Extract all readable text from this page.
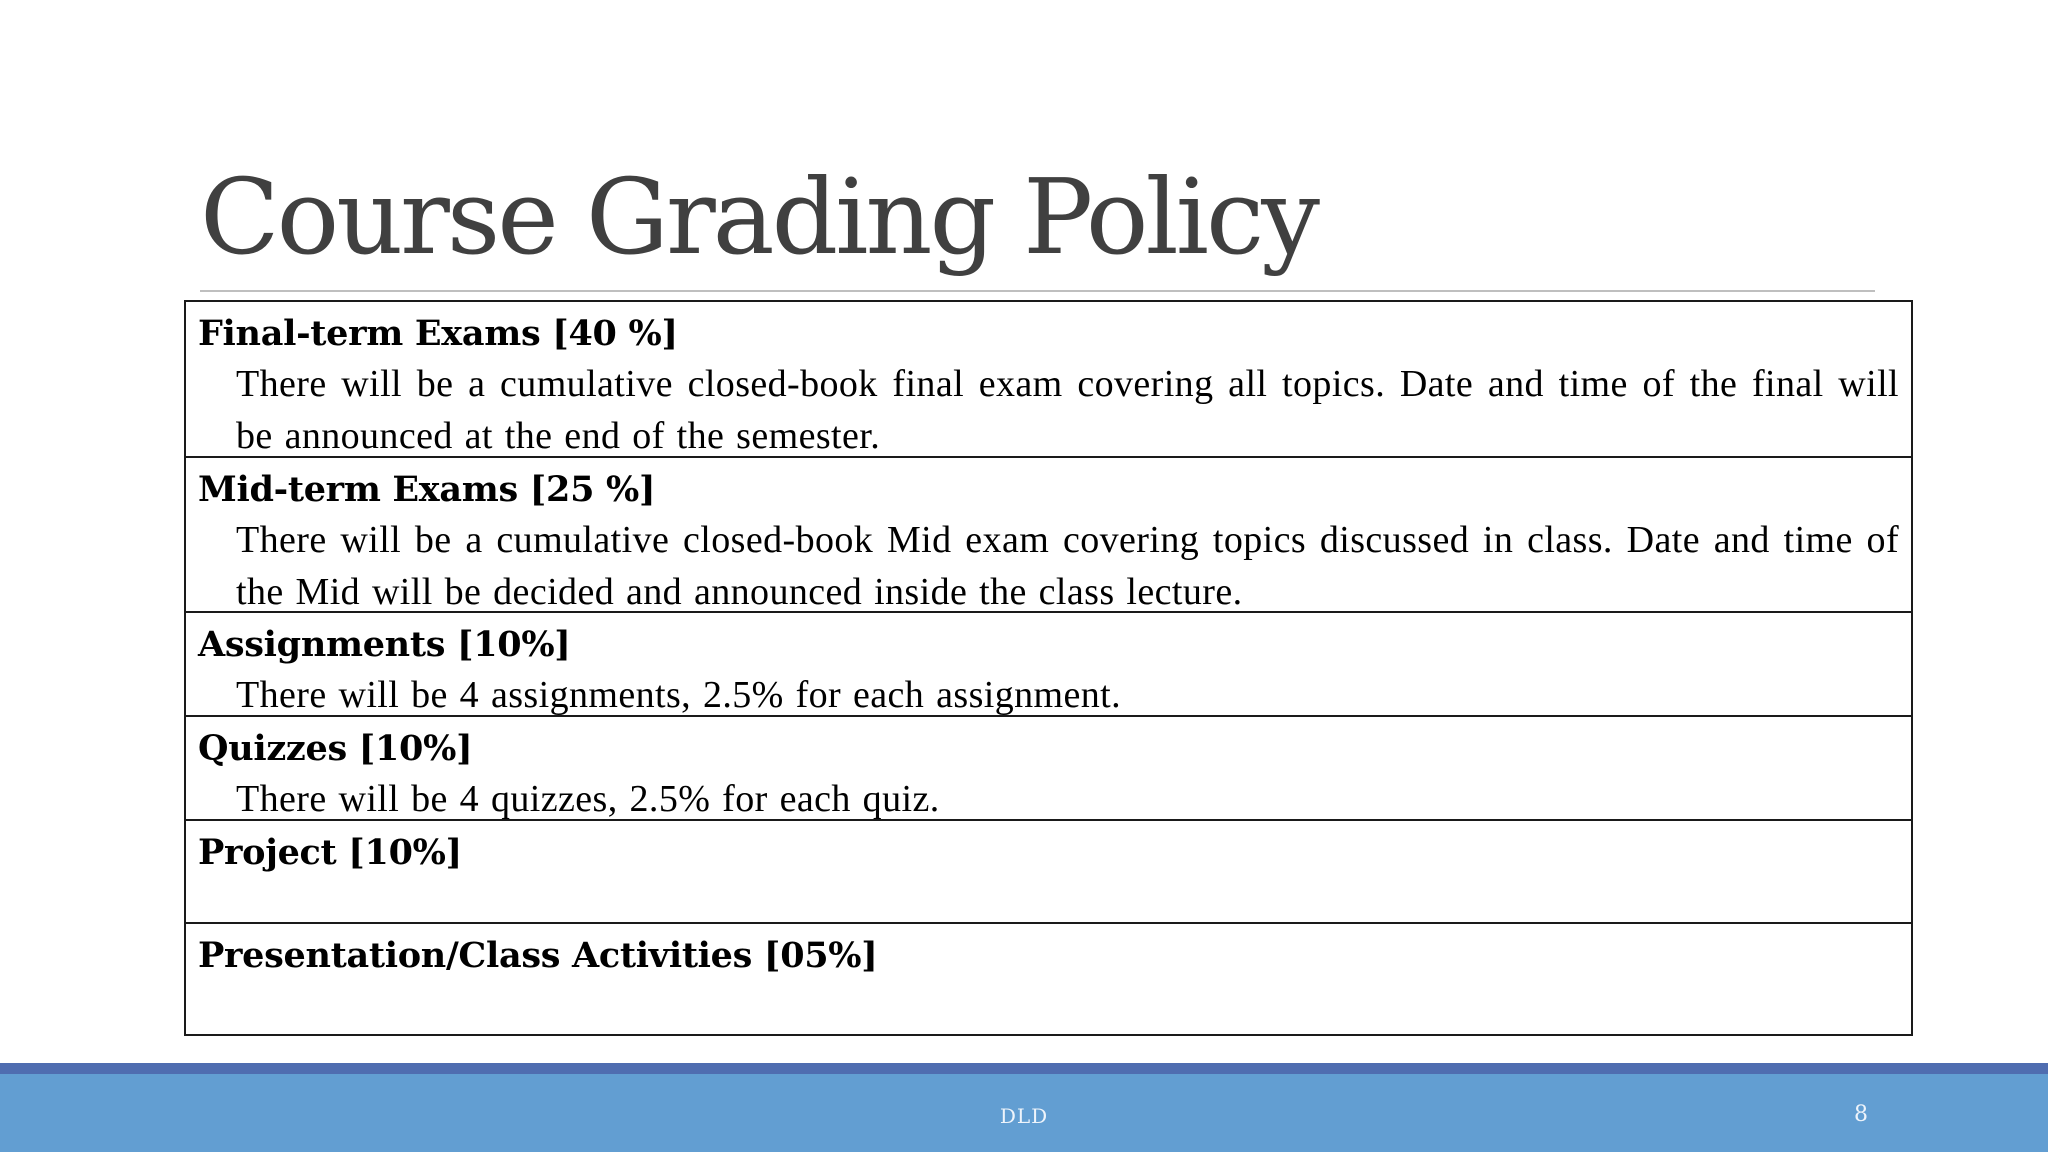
Course Grading Policy
Final-term Exams [40 %]
There will be a cumulative closed-book final exam covering all topics. Date and time of the final will be announced at the end of the semester.
Mid-term Exams [25 %]
There will be a cumulative closed-book Mid exam covering topics discussed in class. Date and time of the Mid will be decided and announced inside the class lecture.
Assignments [10%]
There will be 4 assignments, 2.5% for each assignment.
Quizzes [10%]
There will be 4 quizzes, 2.5% for each quiz.
Project [10%]
Presentation/Class Activities [05%]
DLD	8
